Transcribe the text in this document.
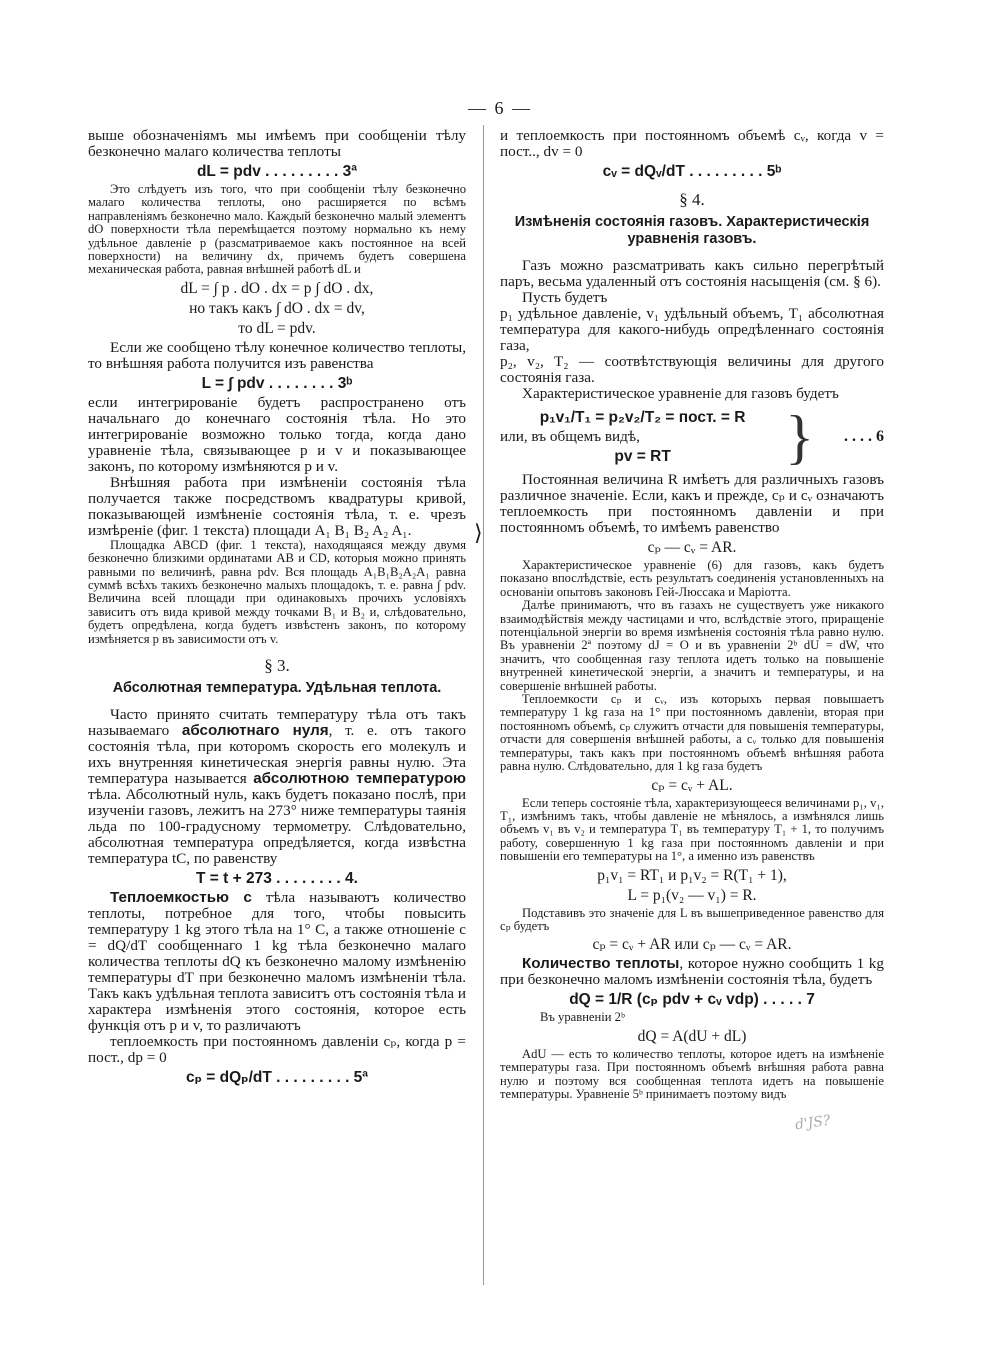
— 6 —
⟩

выше обозначеніямъ мы имѣемъ при сообщеніи тѣлу безконечно малаго количества теплоты

dL = pdv . . . . . . . . . 3ª

Это слѣдуетъ изъ того, что при сообщеніи тѣлу безконечно малаго количества теплоты, оно расширяется по всѣмъ направленіямъ безконечно мало. Каждый безконечно малый элементъ dO поверхности тѣла перемѣщается поэтому нормально къ нему удѣльное давленіе p (разсматриваемое какъ постоянное на всей поверхности) на величину dx, причемъ будетъ совершена механическая работа, равная внѣшней работѣ dL и

dL = ∫ p . dO . dx = p ∫ dO . dx,

но такъ какъ ∫ dO . dx = dv,

то dL = pdv.

Если же сообщено тѣлу конечное количество теплоты, то внѣшняя работа получится изъ равенства

L = ∫ pdv . . . . . . . . 3ᵇ

если интегрированіе будетъ распространено отъ начальнаго до конечнаго состоянія тѣла. Но это интегрированіе возможно только тогда, когда дано уравненіе тѣла, связывающее p и v и показывающее законъ, по которому измѣняются p и v.

Внѣшняя работа при измѣненіи состоянія тѣла получается также посредствомъ квадратуры кривой, показывающей измѣненіе состоянія тѣла, т. е. чрезъ измѣреніе (фиг. 1 текста) площади A₁ B₁ B₂ A₂ A₁.

Площадка ABCD (фиг. 1 текста), находящаяся между двумя безконечно близкими ординатами AB и CD, которыя можно принять равными по величинѣ, равна pdv. Вся площадь A₁B₁B₂A₂A₁ равна суммѣ всѣхъ такихъ безконечно малыхъ площадокъ, т. е. равна ∫ pdv. Величина всей площади при одинаковыхъ прочихъ условіяхъ зависитъ отъ вида кривой между точками B₁ и B₂ и, слѣдовательно, будетъ опредѣлена, когда будетъ извѣстенъ законъ, по которому измѣняется p въ зависимости отъ v.

§ 3.

Абсолютная температура. Удѣльная теплота.

Часто принято считать температуру тѣла отъ такъ называемаго абсолютнаго нуля, т. е. отъ такого состоянія тѣла, при которомъ скорость его молекулъ и ихъ внутренняя кинетическая энергія равны нулю. Эта температура называется абсолютною температурою тѣла. Абсолютный нуль, какъ будетъ показано послѣ, при изученіи газовъ, лежитъ на 273° ниже температуры таянія льда по 100-градусному термометру. Слѣдовательно, абсолютная температура опредѣляется, когда извѣстна температура tC, по равенству

T = t + 273 . . . . . . . . 4.

Теплоемкостью c тѣла называютъ количество теплоты, потребное для того, чтобы повысить температуру 1 kg этого тѣла на 1° C, а также отношеніе c = dQ/dT сообщеннаго 1 kg тѣла безконечно малаго количества теплоты dQ къ безконечно малому измѣненію температуры dT при безконечно маломъ измѣненіи тѣла. Такъ какъ удѣльная теплота зависитъ отъ состоянія тѣла и характера измѣненія этого состоянія, которое есть функція отъ p и v, то различаютъ

теплоемкость при постоянномъ давленіи cₚ, когда p = пост., dp = 0

cₚ = dQₚ/dT . . . . . . . . . 5ª

и теплоемкость при постоянномъ объемѣ cᵥ, когда v = пост.., dv = 0

cᵥ = dQᵥ/dT . . . . . . . . . 5ᵇ

§ 4.

Измѣненія состоянія газовъ. Характеристическія уравненія газовъ.

Газъ можно разсматривать какъ сильно перегрѣтый паръ, весьма удаленный отъ состоянія насыщенія (см. § 6).

Пусть будетъ

p₁ удѣльное давленіе, v₁ удѣльный объемъ, T₁ абсолютная температура для какого-нибудь опредѣленнаго состоянія газа,

p₂, v₂, T₂ — соотвѣтствующія величины для другого состоянія газа.

Характеристическое уравненіе для газовъ будетъ

p₁v₁/T₁ = p₂v₂/T₂ = пост. = R

или, въ общемъ видѣ,

pv = RT	}	. . . . 6

Постоянная величина R имѣетъ для различныхъ газовъ различное значеніе. Если, какъ и прежде, cₚ и cᵥ означаютъ теплоемкость при постоянномъ давленіи и при постоянномъ объемѣ, то имѣемъ равенство

cₚ — cᵥ = AR.

Характеристическое уравненіе (6) для газовъ, какъ будетъ показано впослѣдствіе, есть результатъ соединенія установленныхъ на основаніи опытовъ законовъ Гей-Люссака и Маріотта.

Далѣе принимаютъ, что въ газахъ не существуетъ уже никакого взаимодѣйствія между частицами и что, вслѣдствіе этого, приращеніе потенціальной энергіи во время измѣненія состоянія тѣла равно нулю. Въ уравненіи 2ª поэтому dJ = O и въ уравненіи 2ᵇ dU = dW, что значитъ, что сообщенная газу теплота идетъ только на повышеніе внутренней кинетической энергіи, а значитъ и температуры, и на совершеніе внѣшней работы.

Теплоемкости cₚ и cᵥ, изъ которыхъ первая повышаетъ температуру 1 kg газа на 1° при постоянномъ давленіи, вторая при постоянномъ объемѣ, cₚ служитъ отчасти для повышенія температуры, отчасти для совершенія внѣшней работы, а cᵥ только для повышенія температуры, такъ какъ при постоянномъ объемѣ внѣшняя работа равна нулю. Слѣдовательно, для 1 kg газа будетъ

cₚ = cᵥ + AL.

Если теперь состояніе тѣла, характеризующееся величинами p₁, v₁, T₁, измѣнимъ такъ, чтобы давленіе не мѣнялось, а измѣнялся лишь объемъ v₁ въ v₂ и температура T₁ въ температуру T₁ + 1, то получимъ работу, совершенную 1 kg газа при постоянномъ давленіи и при повышеніи его температуры на 1°, а именно изъ равенствъ

p₁v₁ = RT₁ и p₁v₂ = R(T₁ + 1),

L = p₁(v₂ — v₁) = R.

Подставивъ это значеніе для L въ вышеприведенное равенство для cₚ будетъ

cₚ = cᵥ + AR или cₚ — cᵥ = AR.

Количество теплоты, которое нужно сообщить 1 kg при безконечно маломъ измѣненіи состоянія тѣла, будетъ

dQ = 1/R (cₚ pdv + cᵥ vdp) . . . . . 7

Въ уравненіи 2ᵇ

dQ = A(dU + dL)

AdU — есть то количество теплоты, которое идетъ на измѣненіе температуры газа. При постоянномъ объемѣ внѣшняя работа равна нулю и поэтому вся сообщенная теплота идетъ на повышеніе температуры. Уравненіе 5ᵇ принимаетъ поэтому видъ

d'JS?
